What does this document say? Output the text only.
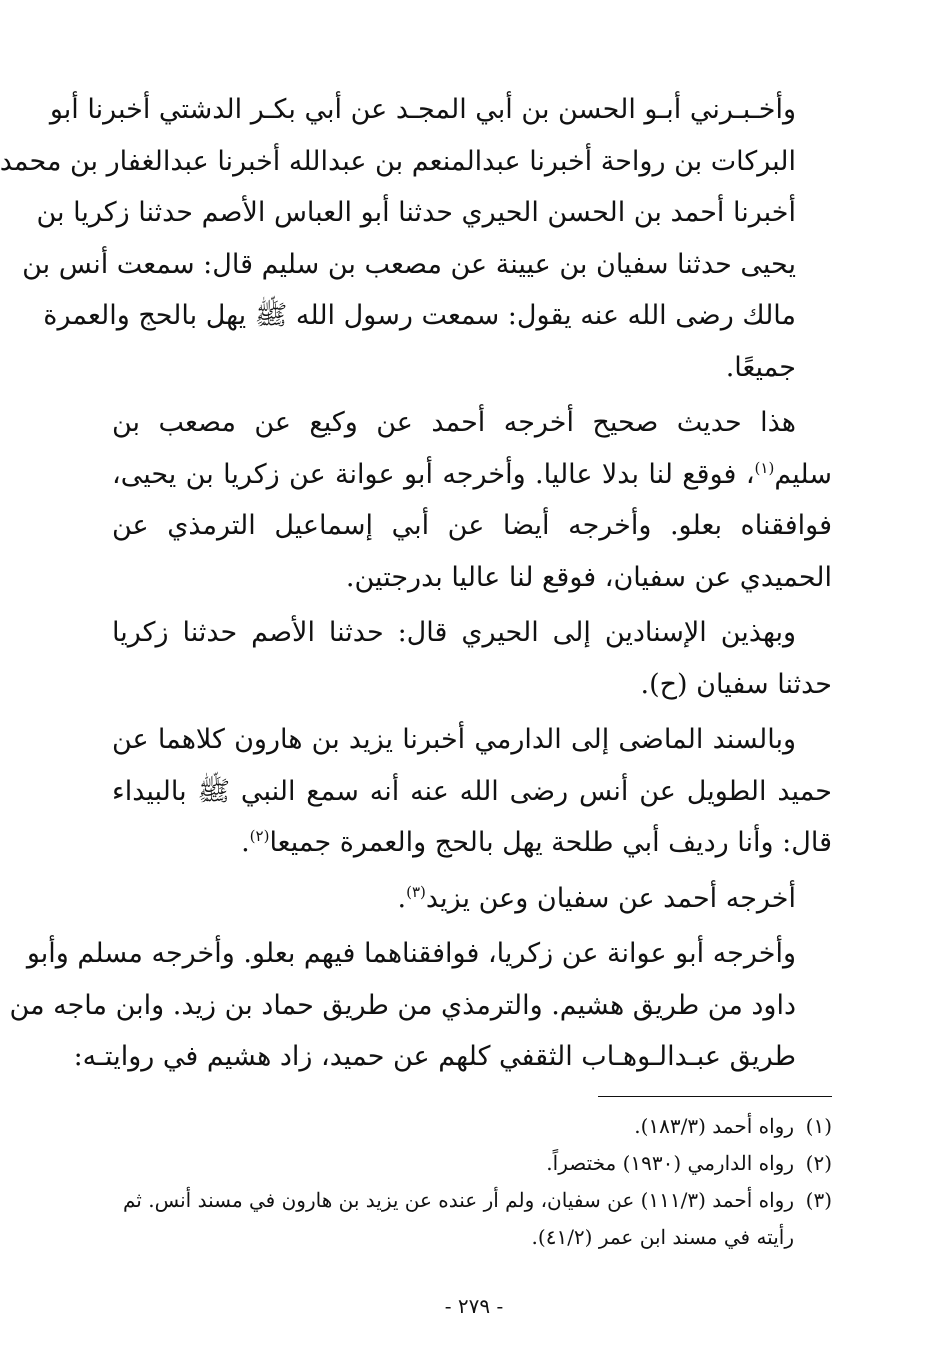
وأخـبـرني أبـو الحسن بن أبي المجـد عن أبي بكـر الدشتي أخبرنا أبو
البركات بن رواحة أخبرنا عبدالمنعم بن عبدالله أخبرنا عبدالغفار بن محمد
أخبرنا أحمد بن الحسن الحيري حدثنا أبو العباس الأصم حدثنا زكريا بن
يحيى حدثنا سفيان بن عيينة عن مصعب بن سليم قال: سمعت أنس بن
مالك رضى الله عنه يقول: سمعت رسول الله ﷺ يهل بالحج والعمرة
جميعًا.

هذا حديث صحيح أخرجه أحمد عن وكيع عن مصعب بن سليم$^{(١)}$، فوقع لنا بدلا عاليا. وأخرجه أبو عوانة عن زكريا بن يحيى، فوافقناه بعلو. وأخرجه أيضا عن أبي إسماعيل الترمذي عن الحميدي عن سفيان، فوقع لنا عاليا بدرجتين.

وبهذين الإسنادين إلى الحيري قال: حدثنا الأصم حدثنا زكريا حدثنا سفيان (ح).

وبالسند الماضى إلى الدارمي أخبرنا يزيد بن هارون كلاهما عن حميد الطويل عن أنس رضى الله عنه أنه سمع النبي ﷺ بالبيداء قال: وأنا رديف أبي طلحة يهل بالحج والعمرة جميعا$^{(٢)}$.

أخرجه أحمد عن سفيان وعن يزيد$^{(٣)}$.

وأخرجه أبو عوانة عن زكريا، فوافقناهما فيهم بعلو. وأخرجه مسلم وأبو
داود من طريق هشيم. والترمذي من طريق حماد بن زيد. وابن ماجه من
طريق عبـدالـوهـاب الثقفي كلهم عن حميد، زاد هشيم في روايتـه:

(١)
رواه أحمد (١٨٣/٣).
(٢)
رواه الدارمي (١٩٣٠) مختصراً.
(٣)
رواه أحمد (١١١/٣) عن سفيان، ولم أر عنده عن يزيد بن هارون في مسند أنس. ثم رأيته في مسند ابن عمر (٤١/٢).
- ٢٧٩ -
